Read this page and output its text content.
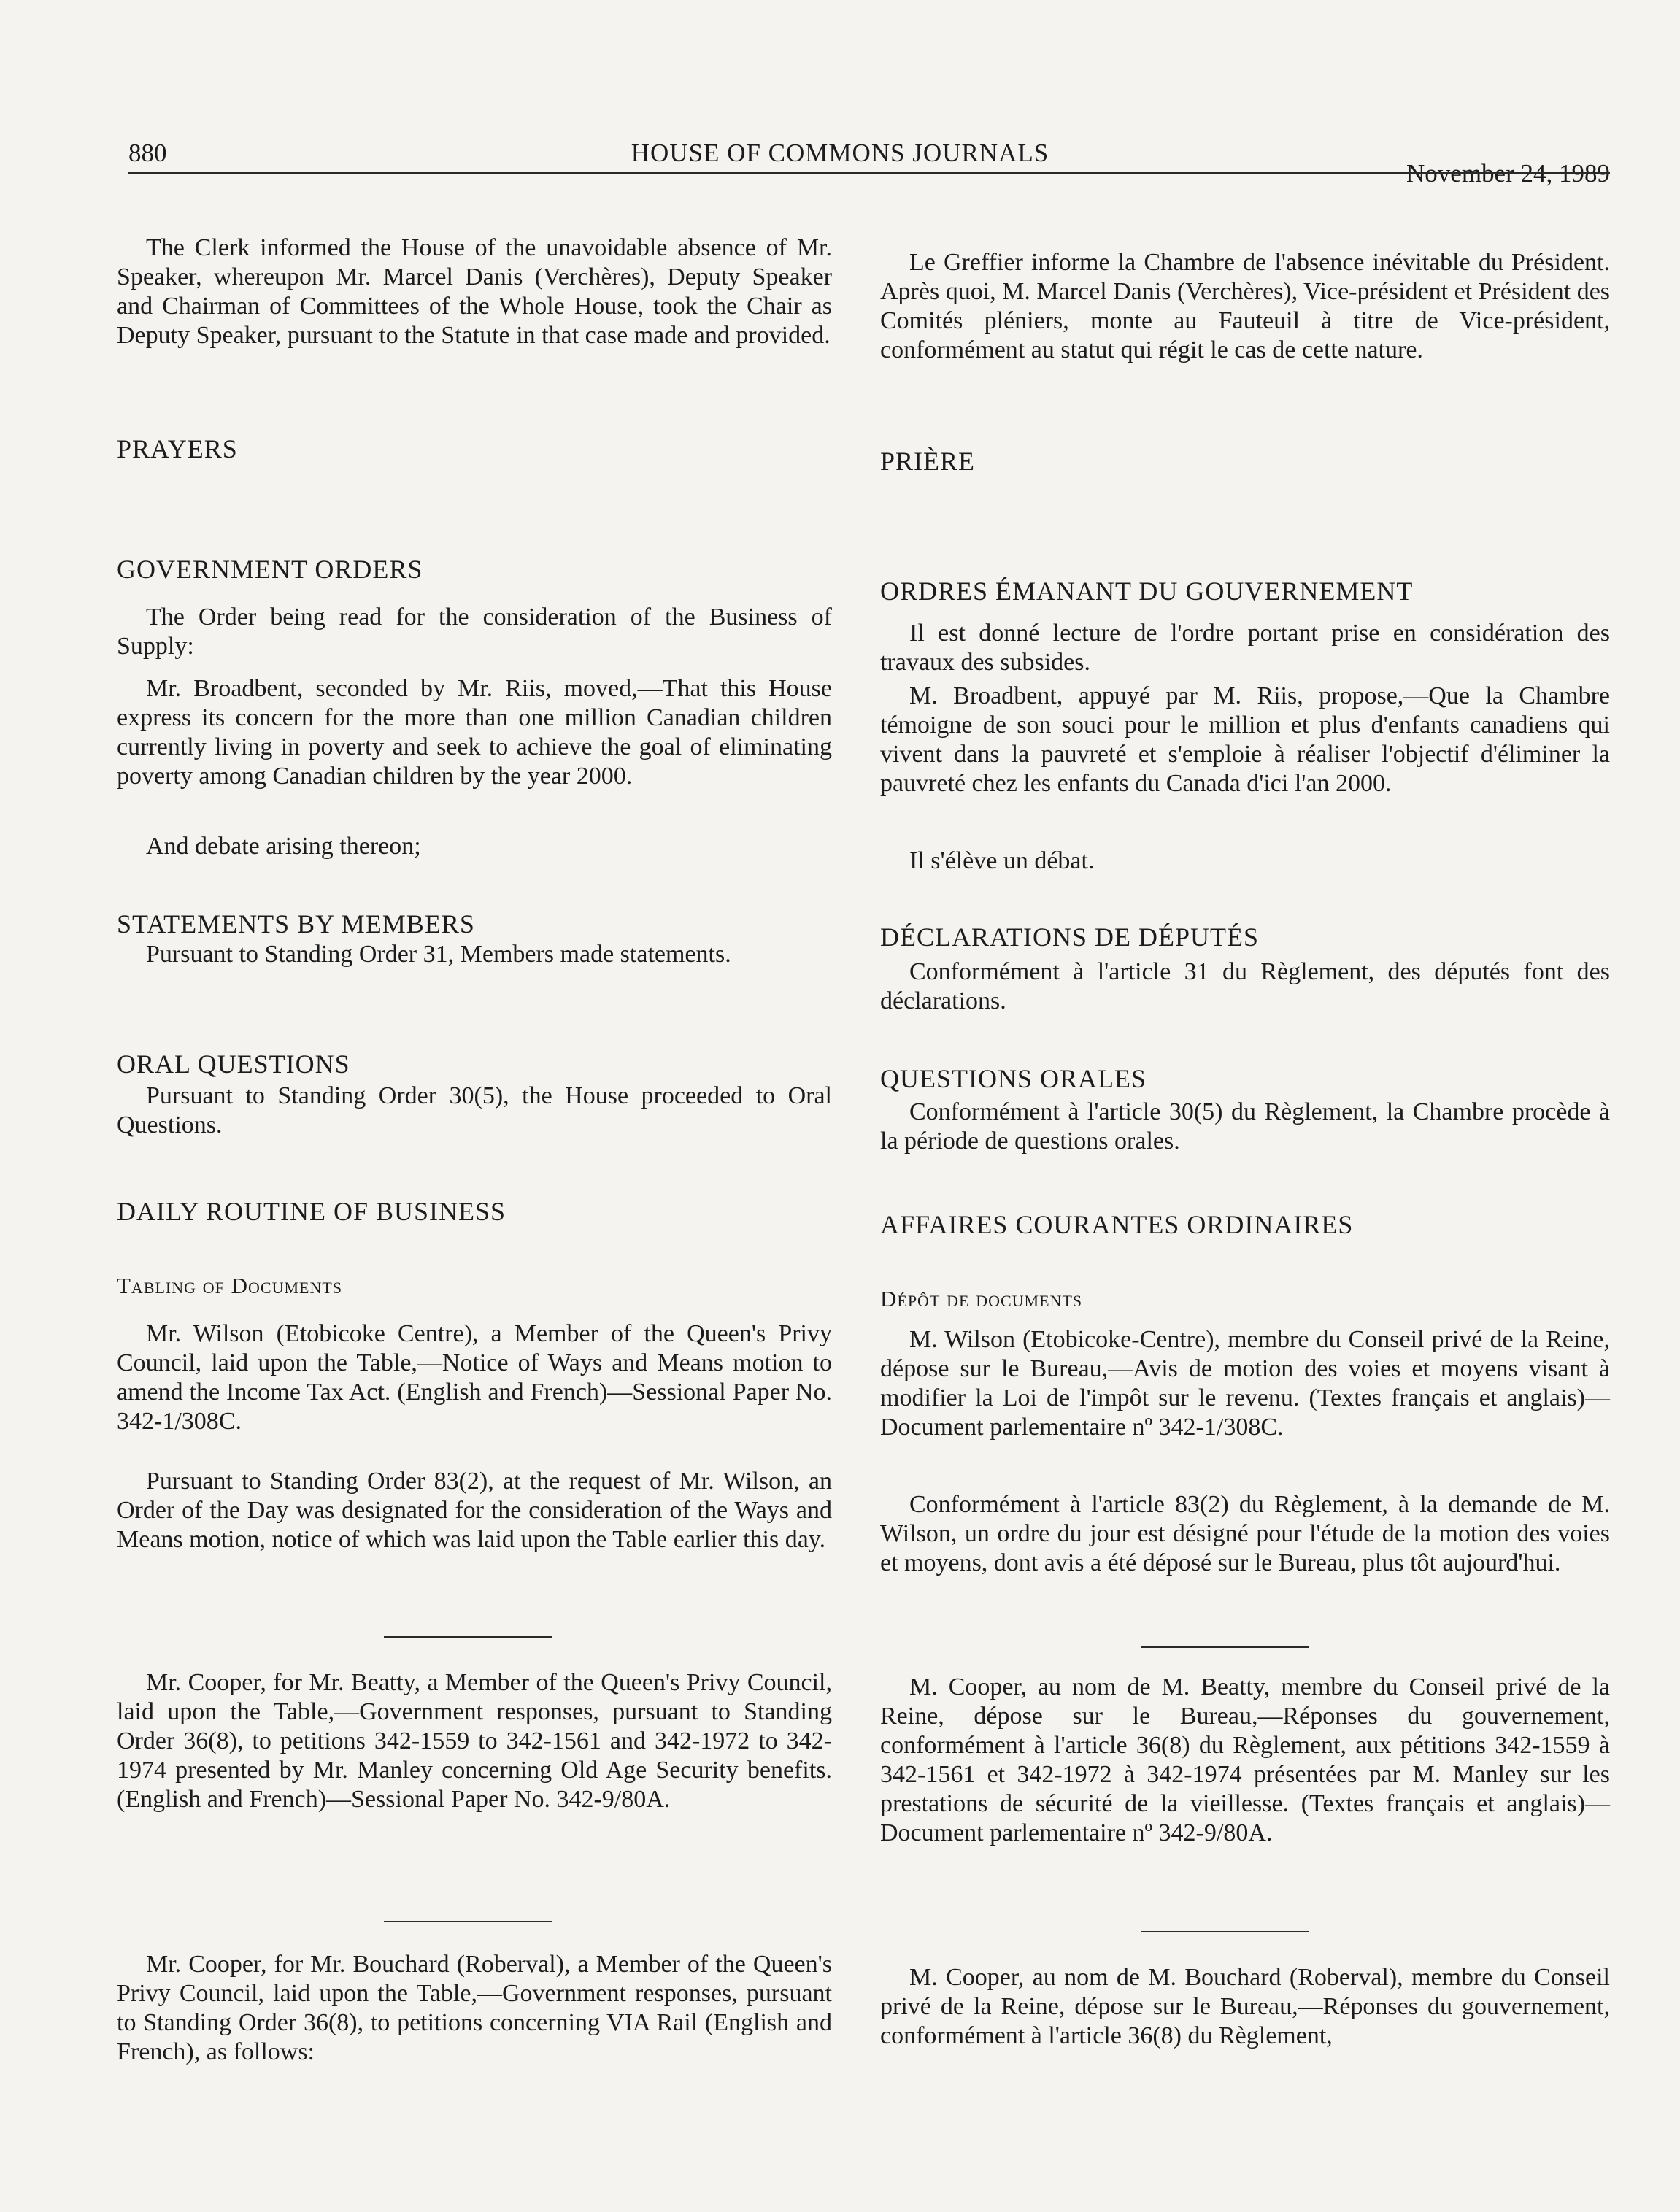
880	HOUSE OF COMMONS JOURNALS
November 24, 1989

The Clerk informed the House of the unavoidable absence of Mr. Speaker, whereupon Mr. Marcel Danis (Verchères), Deputy Speaker and Chairman of Committees of the Whole House, took the Chair as Deputy Speaker, pursuant to the Statute in that case made and provided.

PRAYERS
GOVERNMENT ORDERS

The Order being read for the consideration of the Business of Supply:

Mr. Broadbent, seconded by Mr. Riis, moved,—That this House express its concern for the more than one million Canadian children currently living in poverty and seek to achieve the goal of eliminating poverty among Canadian children by the year 2000.

And debate arising thereon;

STATEMENTS BY MEMBERS

Pursuant to Standing Order 31, Members made statements.

ORAL QUESTIONS

Pursuant to Standing Order 30(5), the House proceeded to Oral Questions.

DAILY ROUTINE OF BUSINESS
Tabling of Documents

Mr. Wilson (Etobicoke Centre), a Member of the Queen's Privy Council, laid upon the Table,—Notice of Ways and Means motion to amend the Income Tax Act. (English and French)—Sessional Paper No. 342-1/308C.

Pursuant to Standing Order 83(2), at the request of Mr. Wilson, an Order of the Day was designated for the consideration of the Ways and Means motion, notice of which was laid upon the Table earlier this day.

Mr. Cooper, for Mr. Beatty, a Member of the Queen's Privy Council, laid upon the Table,—Government responses, pursuant to Standing Order 36(8), to petitions 342-1559 to 342-1561 and 342-1972 to 342-1974 presented by Mr. Manley concerning Old Age Security benefits. (English and French)—Sessional Paper No. 342-9/80A.

Mr. Cooper, for Mr. Bouchard (Roberval), a Member of the Queen's Privy Council, laid upon the Table,—Government responses, pursuant to Standing Order 36(8), to petitions concerning VIA Rail (English and French), as follows:

Le Greffier informe la Chambre de l'absence inévitable du Président. Après quoi, M. Marcel Danis (Verchères), Vice-président et Président des Comités pléniers, monte au Fauteuil à titre de Vice-président, conformément au statut qui régit le cas de cette nature.

PRIÈRE
ORDRES ÉMANANT DU GOUVERNEMENT

Il est donné lecture de l'ordre portant prise en considération des travaux des subsides.

M. Broadbent, appuyé par M. Riis, propose,—Que la Chambre témoigne de son souci pour le million et plus d'enfants canadiens qui vivent dans la pauvreté et s'emploie à réaliser l'objectif d'éliminer la pauvreté chez les enfants du Canada d'ici l'an 2000.

Il s'élève un débat.

DÉCLARATIONS DE DÉPUTÉS

Conformément à l'article 31 du Règlement, des députés font des déclarations.

QUESTIONS ORALES

Conformément à l'article 30(5) du Règlement, la Chambre procède à la période de questions orales.

AFFAIRES COURANTES ORDINAIRES
Dépôt de documents

M. Wilson (Etobicoke-Centre), membre du Conseil privé de la Reine, dépose sur le Bureau,—Avis de motion des voies et moyens visant à modifier la Loi de l'impôt sur le revenu. (Textes français et anglais)—Document parlementaire nº 342-1/308C.

Conformément à l'article 83(2) du Règlement, à la demande de M. Wilson, un ordre du jour est désigné pour l'étude de la motion des voies et moyens, dont avis a été déposé sur le Bureau, plus tôt aujourd'hui.

M. Cooper, au nom de M. Beatty, membre du Conseil privé de la Reine, dépose sur le Bureau,—Réponses du gouvernement, conformément à l'article 36(8) du Règlement, aux pétitions 342-1559 à 342-1561 et 342-1972 à 342-1974 présentées par M. Manley sur les prestations de sécurité de la vieillesse. (Textes français et anglais)—Document parlementaire nº 342-9/80A.

M. Cooper, au nom de M. Bouchard (Roberval), membre du Conseil privé de la Reine, dépose sur le Bureau,—Réponses du gouvernement, conformément à l'article 36(8) du Règlement,
